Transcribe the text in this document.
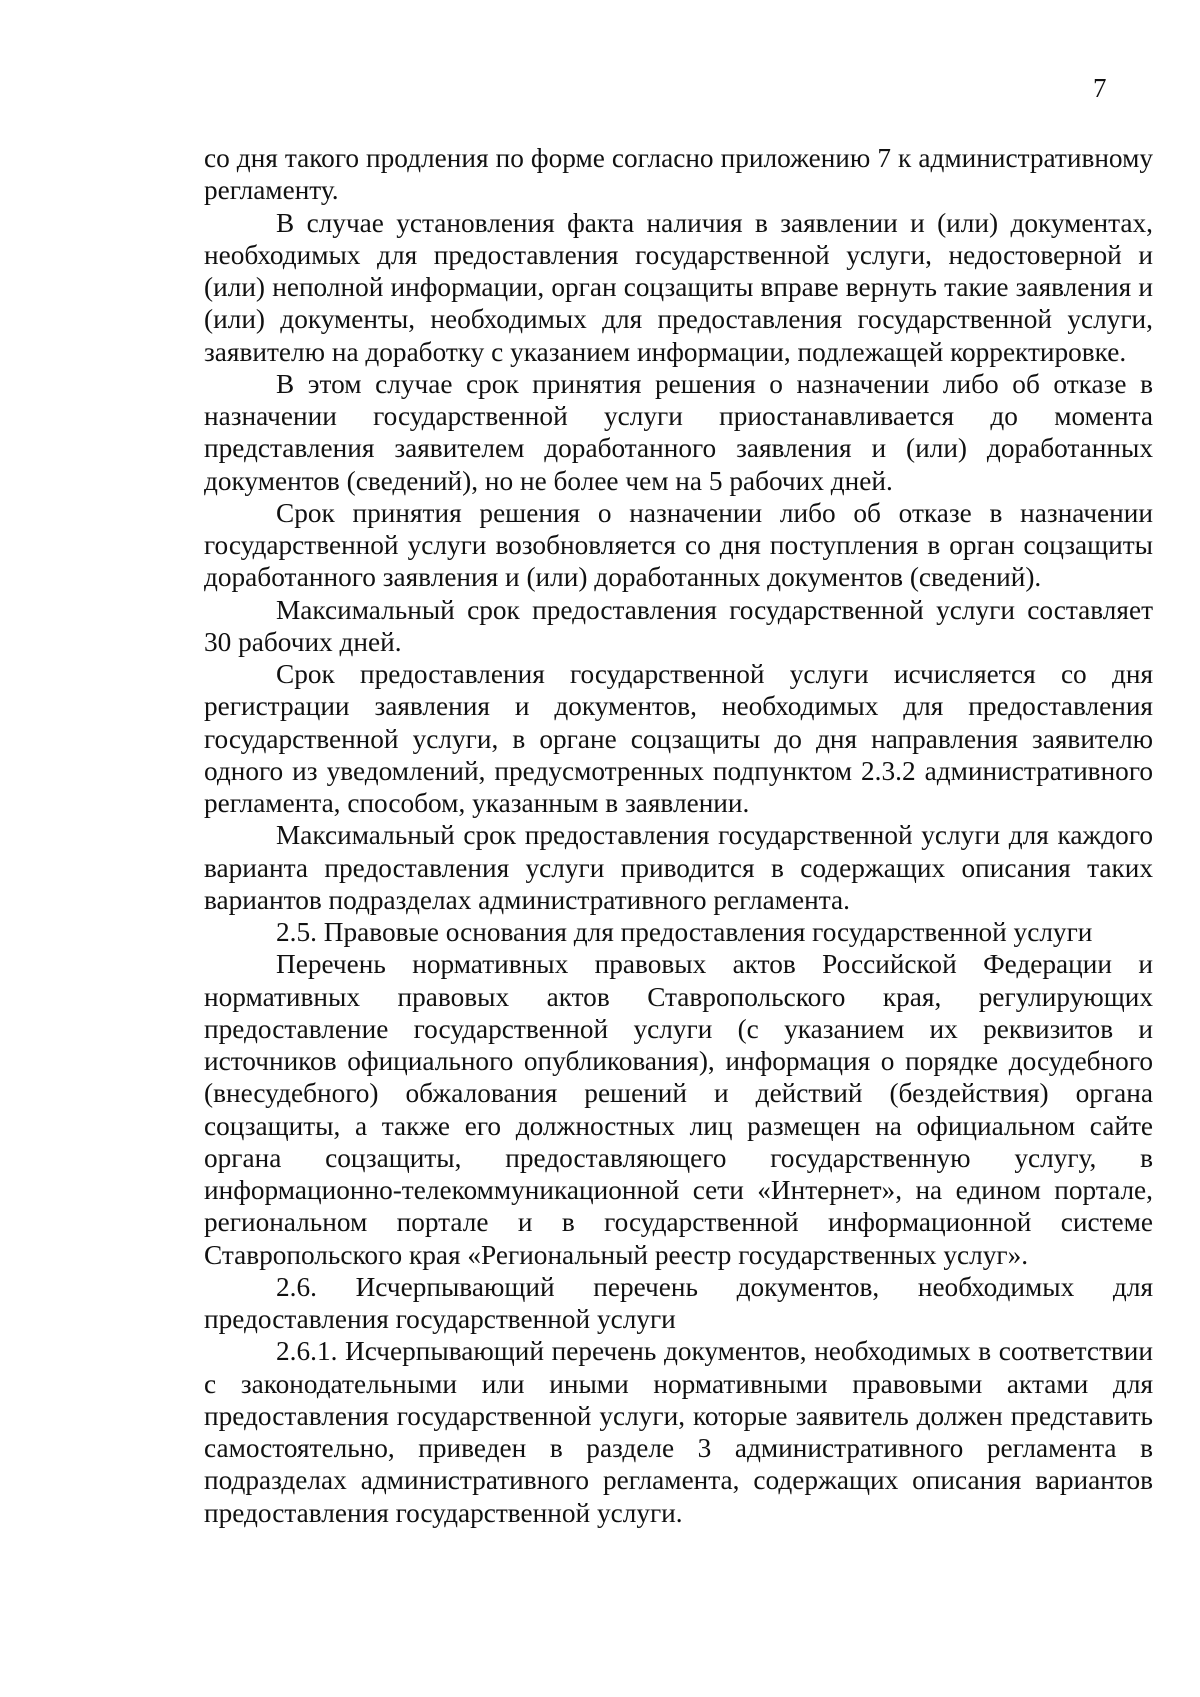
7

со дня такого продления по форме согласно приложению 7 к административному регламенту.

В случае установления факта наличия в заявлении и (или) документах, необходимых для предоставления государственной услуги, недостоверной и (или) неполной информации, орган соцзащиты вправе вернуть такие заявления и (или) документы, необходимых для предоставления государственной услуги, заявителю на доработку с указанием информации, подлежащей корректировке.

В этом случае срок принятия решения о назначении либо об отказе в назначении государственной услуги приостанавливается до момента представления заявителем доработанного заявления и (или) доработанных документов (сведений), но не более чем на 5 рабочих дней.

Срок принятия решения о назначении либо об отказе в назначении государственной услуги возобновляется со дня поступления в орган соцзащиты доработанного заявления и (или) доработанных документов (сведений).

Максимальный срок предоставления государственной услуги составляет 30 рабочих дней.

Срок предоставления государственной услуги исчисляется со дня регистрации заявления и документов, необходимых для предоставления государственной услуги, в органе соцзащиты до дня направления заявителю одного из уведомлений, предусмотренных подпунктом 2.3.2 административного регламента, способом, указанным в заявлении.

Максимальный срок предоставления государственной услуги для каждого варианта предоставления услуги приводится в содержащих описания таких вариантов подразделах административного регламента.

2.5. Правовые основания для предоставления государственной услуги

Перечень нормативных правовых актов Российской Федерации и нормативных правовых актов Ставропольского края, регулирующих предоставление государственной услуги (с указанием их реквизитов и источников официального опубликования), информация о порядке досудебного (внесудебного) обжалования решений и действий (бездействия) органа соцзащиты, а также его должностных лиц размещен на официальном сайте органа соцзащиты, предоставляющего государственную услугу, в информационно-телекоммуникационной сети «Интернет», на едином портале, региональном портале и в государственной информационной системе Ставропольского края «Региональный реестр государственных услуг».

2.6. Исчерпывающий перечень документов, необходимых для предоставления государственной услуги

2.6.1. Исчерпывающий перечень документов, необходимых в соответствии с законодательными или иными нормативными правовыми актами для предоставления государственной услуги, которые заявитель должен представить самостоятельно, приведен в разделе 3 административного регламента в подразделах административного регламента, содержащих описания вариантов предоставления государственной услуги.
